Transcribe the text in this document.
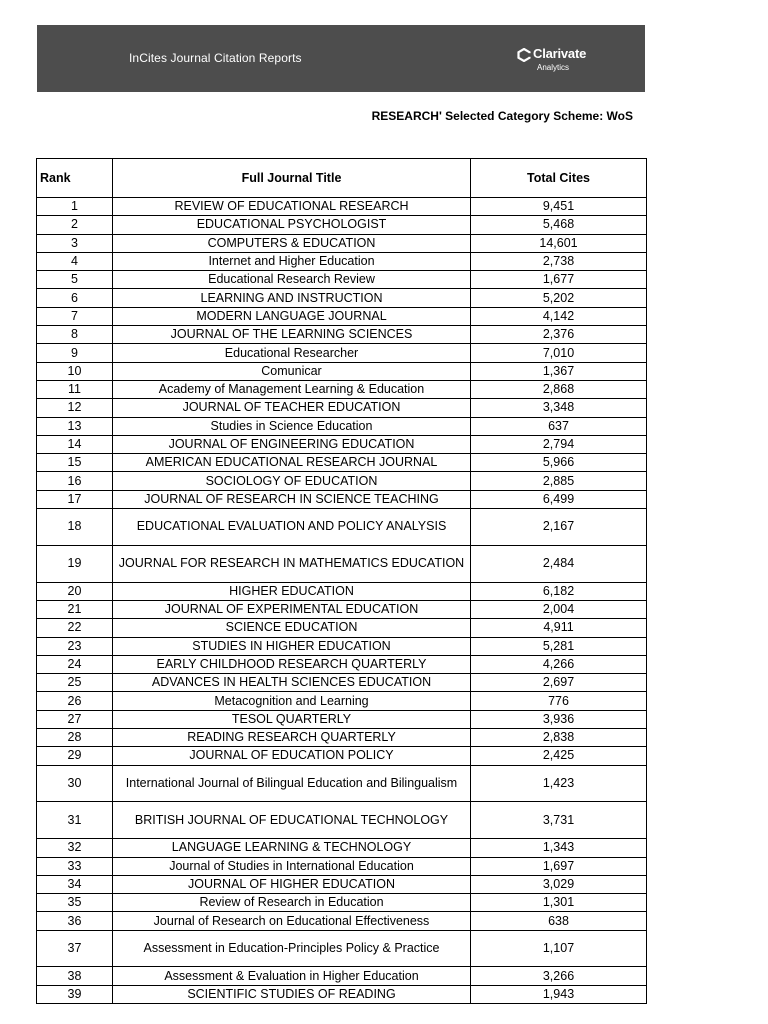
InCites Journal Citation Reports	Clarivate
Analytics
RESEARCH' Selected Category Scheme: WoS
Rank	Full Journal Title	Total Cites
1	REVIEW OF EDUCATIONAL RESEARCH	9,451
2	EDUCATIONAL PSYCHOLOGIST	5,468
3	COMPUTERS & EDUCATION	14,601
4	Internet and Higher Education	2,738
5	Educational Research Review	1,677
6	LEARNING AND INSTRUCTION	5,202
7	MODERN LANGUAGE JOURNAL	4,142
8	JOURNAL OF THE LEARNING SCIENCES	2,376
9	Educational Researcher	7,010
10	Comunicar	1,367
11	Academy of Management Learning & Education	2,868
12	JOURNAL OF TEACHER EDUCATION	3,348
13	Studies in Science Education	637
14	JOURNAL OF ENGINEERING EDUCATION	2,794
15	AMERICAN EDUCATIONAL RESEARCH JOURNAL	5,966
16	SOCIOLOGY OF EDUCATION	2,885
17	JOURNAL OF RESEARCH IN SCIENCE TEACHING	6,499
18	EDUCATIONAL EVALUATION AND POLICY ANALYSIS	2,167
19	JOURNAL FOR RESEARCH IN MATHEMATICS EDUCATION	2,484
20	HIGHER EDUCATION	6,182
21	JOURNAL OF EXPERIMENTAL EDUCATION	2,004
22	SCIENCE EDUCATION	4,911
23	STUDIES IN HIGHER EDUCATION	5,281
24	EARLY CHILDHOOD RESEARCH QUARTERLY	4,266
25	ADVANCES IN HEALTH SCIENCES EDUCATION	2,697
26	Metacognition and Learning	776
27	TESOL QUARTERLY	3,936
28	READING RESEARCH QUARTERLY	2,838
29	JOURNAL OF EDUCATION POLICY	2,425
30	International Journal of Bilingual Education and Bilingualism	1,423
31	BRITISH JOURNAL OF EDUCATIONAL TECHNOLOGY	3,731
32	LANGUAGE LEARNING & TECHNOLOGY	1,343
33	Journal of Studies in International Education	1,697
34	JOURNAL OF HIGHER EDUCATION	3,029
35	Review of Research in Education	1,301
36	Journal of Research on Educational Effectiveness	638
37	Assessment in Education-Principles Policy & Practice	1,107
38	Assessment & Evaluation in Higher Education	3,266
39	SCIENTIFIC STUDIES OF READING	1,943
